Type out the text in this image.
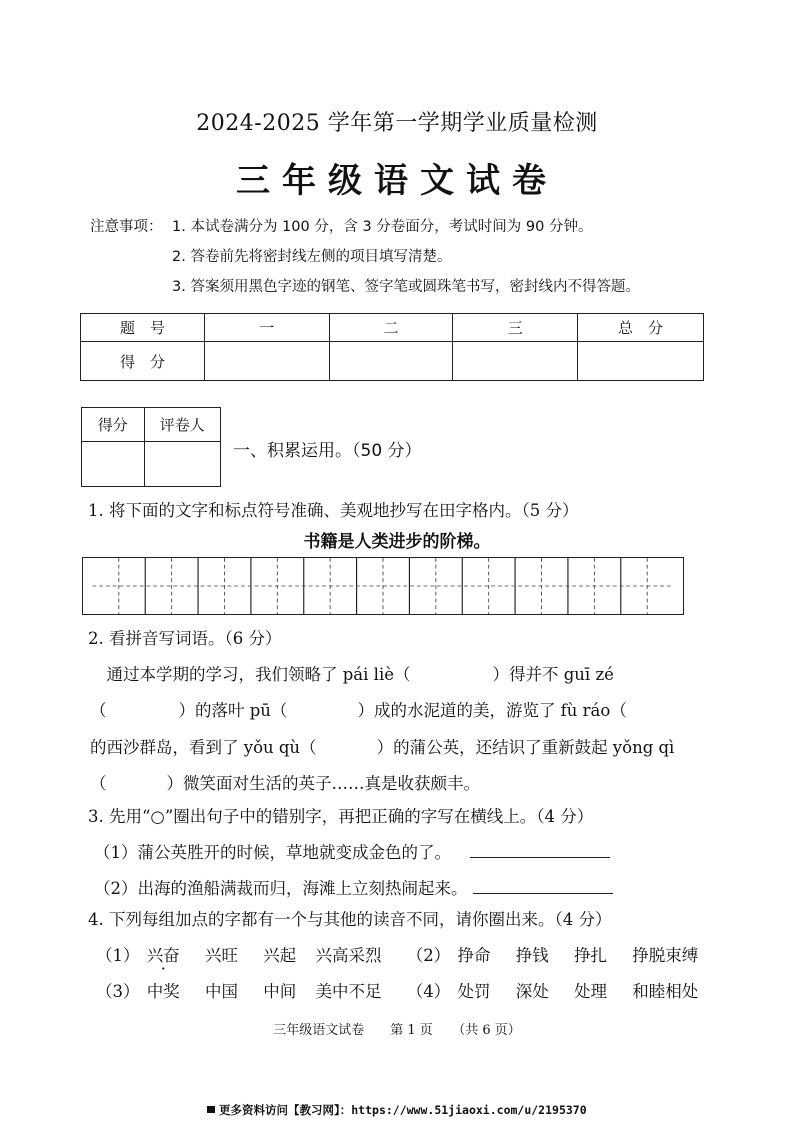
2024-2025 学年第一学期学业质量检测
三年级语文试卷
注意事项： 1. 本试卷满分为 100 分，含 3 分卷面分，考试时间为 90 分钟。
2. 答卷前先将密封线左侧的项目填写清楚。
3. 答案须用黑色字迹的钢笔、签字笔或圆珠笔书写，密封线内不得答题。
题　号	一	二	三	总　分
得　分				
得分	评卷人

一、积累运用。（50 分）
1. 将下面的文字和标点符号准确、美观地抄写在田字格内。（5 分）
书籍是人类进步的阶梯。
2. 看拼音写词语。（6 分）
　通过本学期的学习，我们领略了 pái liè（	）得并不 guī zé
（	）的落叶 pū（	）成的水泥道的美，游览了 fù ráo（
的西沙群岛，看到了 yǒu qù（	）的蒲公英，还结识了重新鼓起 yǒng qì
（	）微笑面对生活的英子……真是收获颇丰。
3. 先用“○”圈出句子中的错别字，再把正确的字写在横线上。（4 分）
（1）蒲公英胜开的时候，草地就变成金色的了。
（2）出海的渔船满裁而归，海滩上立刻热闹起来。
4. 下列每组加点的字都有一个与其他的读音不同，请你圈出来。（4 分）
（1） 兴奋 兴旺 兴起 兴高采烈 （2） 挣命 挣钱 挣扎 挣脱束缚
（3） 中奖 中国 中间 美中不足 （4） 处罚 深处 处理 和睦相处
三年级语文试卷　　第 1 页　　（共 6 页）
更多资料访问【教习网】：https://www.51jiaoxi.com/u/2195370
